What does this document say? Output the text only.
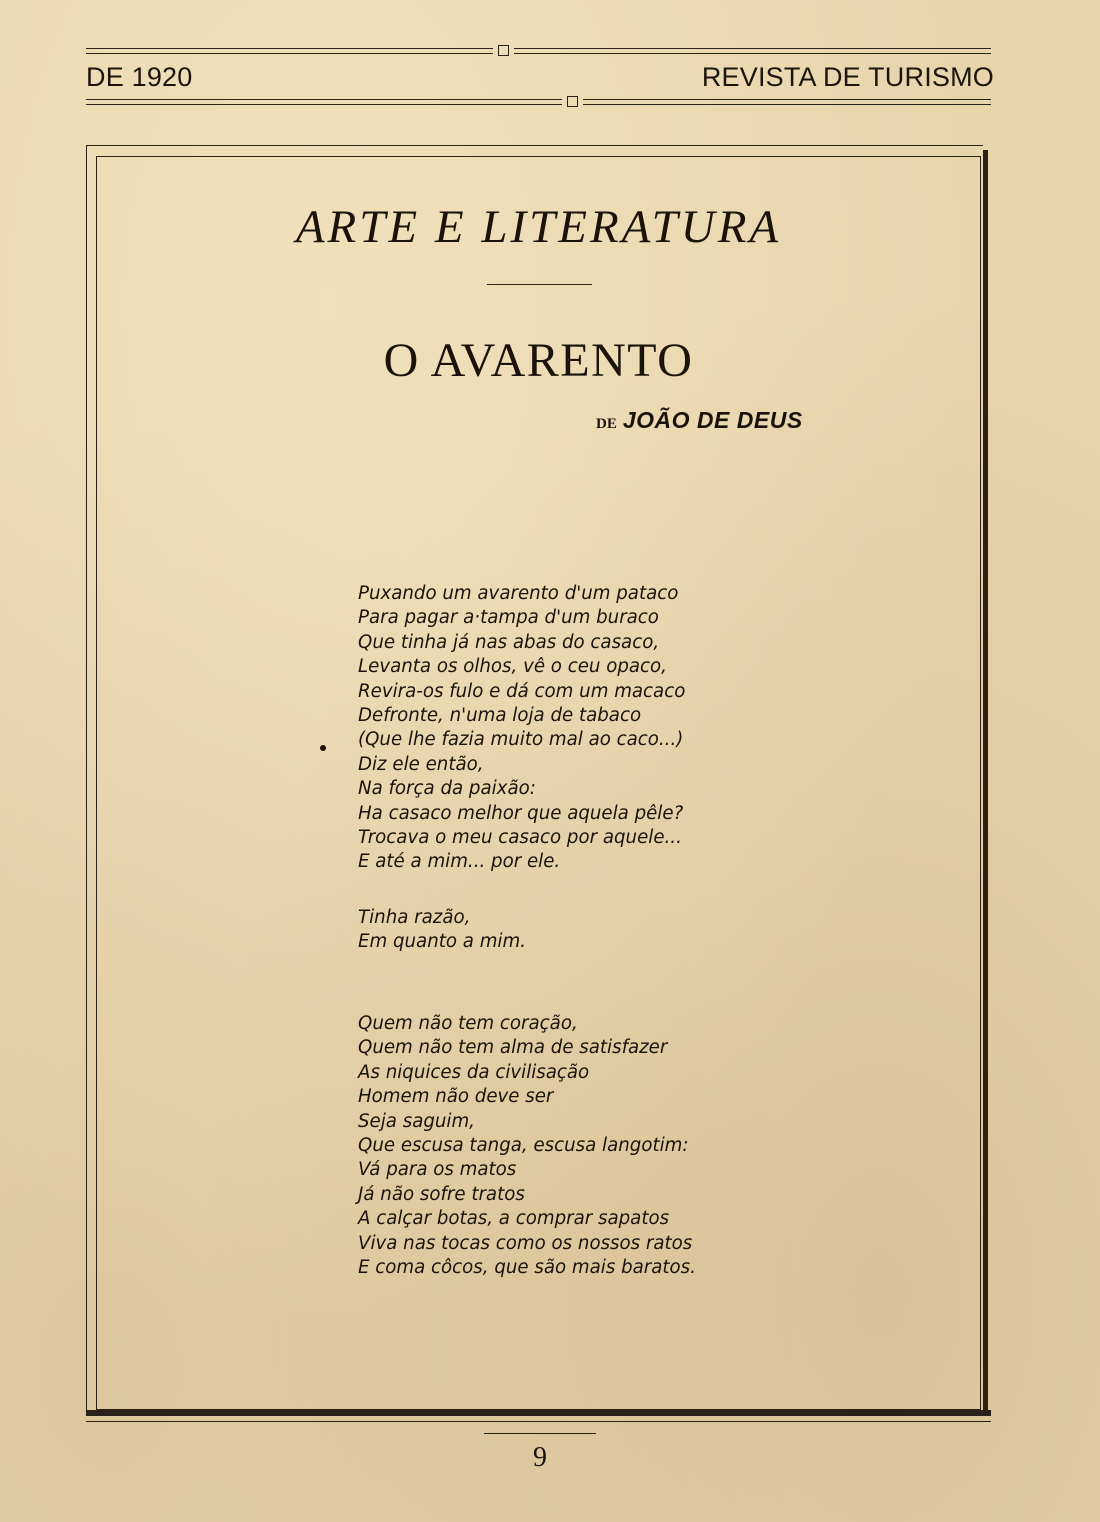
DE 1920	REVISTA DE TURISMO
ARTE E LITERATURA
O AVARENTO
DE JOÃO DE DEUS
Puxando um avarento d'um pataco
Para pagar a·tampa d'um buraco
Que tinha já nas abas do casaco,
Levanta os olhos, vê o ceu opaco,
Revira-os fulo e dá com um macaco
Defronte, n'uma loja de tabaco
(Que lhe fazia muito mal ao caco...)
Diz ele então,
Na força da paixão:
Ha casaco melhor que aquela pêle?
Trocava o meu casaco por aquele...
E até a mim... por ele.
Tinha razão,
Em quanto a mim.
Quem não tem coração,
Quem não tem alma de satisfazer
As niquices da civilisação
Homem não deve ser
Seja saguim,
Que escusa tanga, escusa langotim:
Vá para os matos
Já não sofre tratos
A calçar botas, a comprar sapatos
Viva nas tocas como os nossos ratos
E coma côcos, que são mais baratos.
9
